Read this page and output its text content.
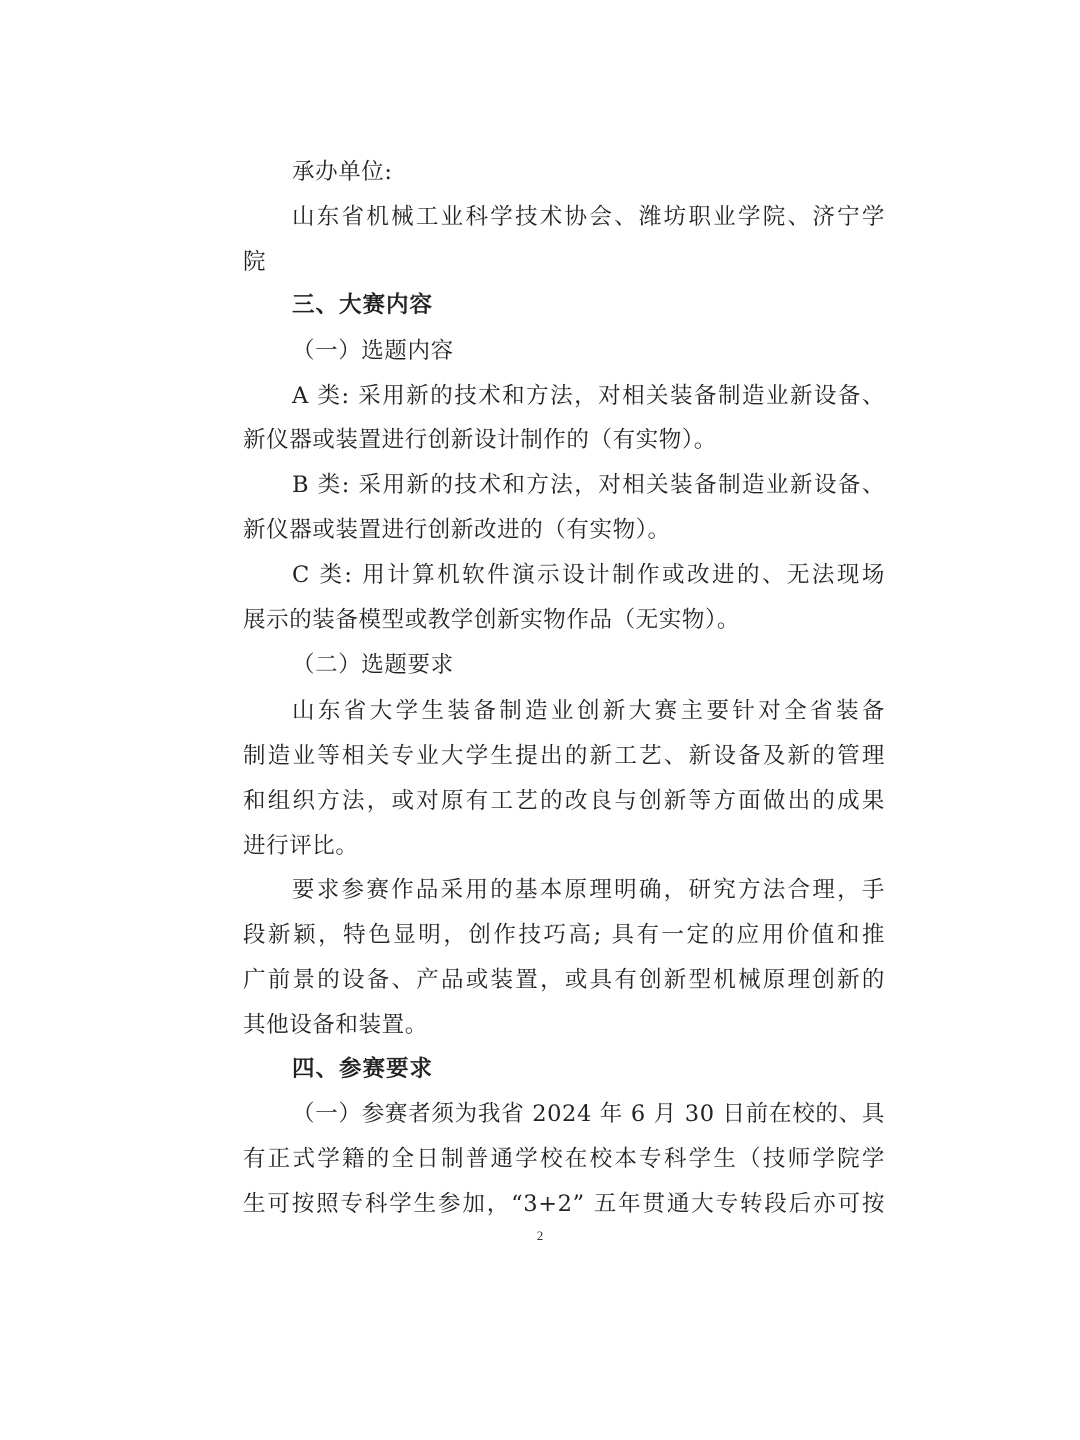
承办单位:
山东省机械工业科学技术协会、潍坊职业学院、济宁学
院
三、大赛内容
（一）选题内容
A 类: 采用新的技术和方法，对相关装备制造业新设备、
新仪器或装置进行创新设计制作的（有实物）。
B 类: 采用新的技术和方法，对相关装备制造业新设备、
新仪器或装置进行创新改进的（有实物）。
C 类: 用计算机软件演示设计制作或改进的、无法现场
展示的装备模型或教学创新实物作品（无实物）。
（二）选题要求
山东省大学生装备制造业创新大赛主要针对全省装备
制造业等相关专业大学生提出的新工艺、新设备及新的管理
和组织方法，或对原有工艺的改良与创新等方面做出的成果
进行评比。
要求参赛作品采用的基本原理明确，研究方法合理，手
段新颖，特色显明，创作技巧高; 具有一定的应用价值和推
广前景的设备、产品或装置，或具有创新型机械原理创新的
其他设备和装置。
四、参赛要求
（一）参赛者须为我省 2024 年 6 月 30 日前在校的、具
有正式学籍的全日制普通学校在校本专科学生（技师学院学
生可按照专科学生参加，“3+2” 五年贯通大专转段后亦可按
2
